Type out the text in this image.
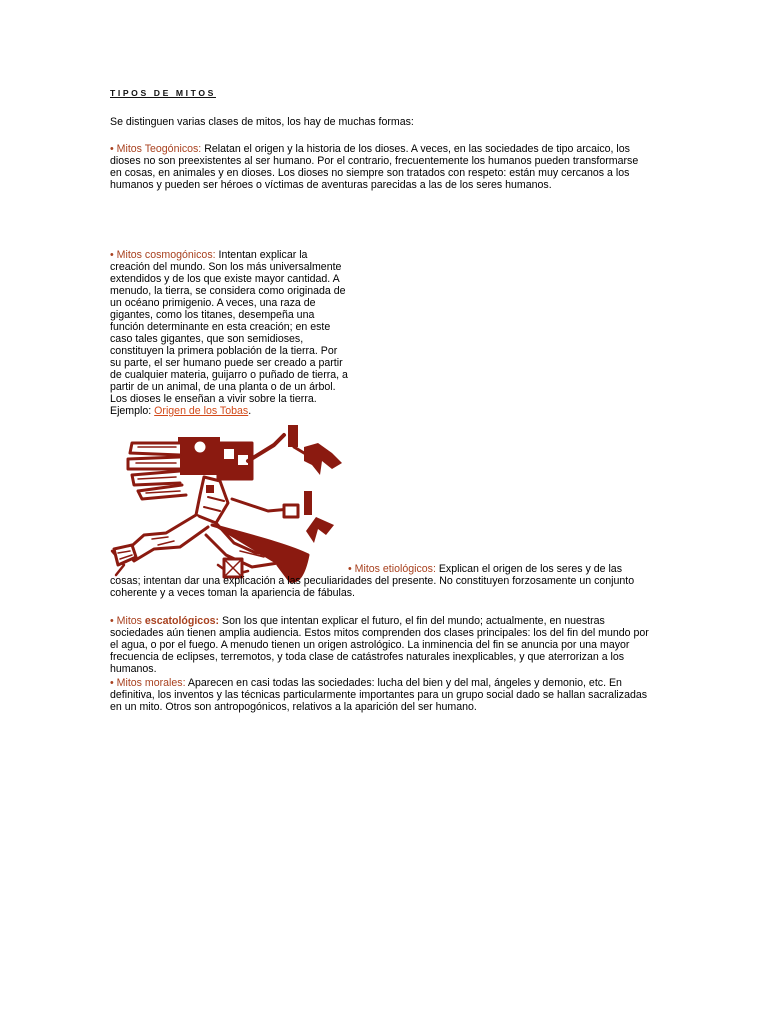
TIPOS DE MITOS
Se distinguen varias clases de mitos, los hay de muchas formas:
• Mitos Teogónicos: Relatan el origen y la historia de los dioses. A veces, en las sociedades de tipo arcaico, los dioses no son preexistentes al ser humano. Por el contrario, frecuentemente los humanos pueden transformarse en cosas, en animales y en dioses. Los dioses no siempre son tratados con respeto: están muy cercanos a los humanos y pueden ser héroes o víctimas de aventuras parecidas a las de los seres humanos.
• Mitos cosmogónicos: Intentan explicar la creación del mundo. Son los más universalmente extendidos y de los que existe mayor cantidad. A menudo, la tierra, se considera como originada de un océano primigenio. A veces, una raza de gigantes, como los titanes, desempeña una función determinante en esta creación; en este caso tales gigantes, que son semidioses, constituyen la primera población de la tierra. Por su parte, el ser humano puede ser creado a partir de cualquier materia, guijarro o puñado de tierra, a partir de un animal, de una planta o de un árbol. Los dioses le enseñan a vivir sobre la tierra. Ejemplo: Origen de los Tobas.
• Mitos etiológicos: Explican el origen de los seres y de las cosas; intentan dar una explicación a las peculiaridades del presente. No constituyen forzosamente un conjunto coherente y a veces toman la apariencia de fábulas.
• Mitos escatológicos: Son los que intentan explicar el futuro, el fin del mundo; actualmente, en nuestras sociedades aún tienen amplia audiencia. Estos mitos comprenden dos clases principales: los del fin del mundo por el agua, o por el fuego. A menudo tienen un origen astrológico. La inminencia del fin se anuncia por una mayor frecuencia de eclipses, terremotos, y toda clase de catástrofes naturales inexplicables, y que aterrorizan a los humanos.
• Mitos morales: Aparecen en casi todas las sociedades: lucha del bien y del mal, ángeles y demonio, etc. En definitiva, los inventos y las técnicas particularmente importantes para un grupo social dado se hallan sacralizadas en un mito. Otros son antropogónicos, relativos a la aparición del ser humano.
